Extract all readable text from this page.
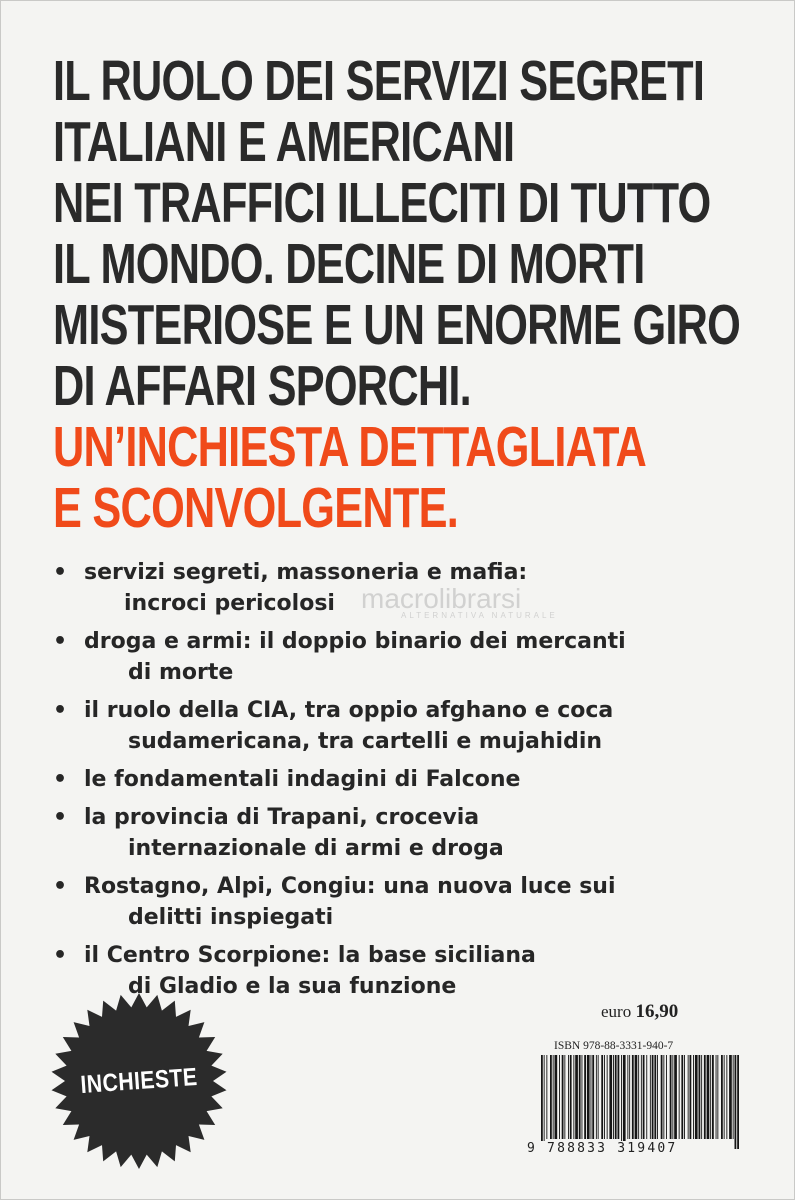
IL RUOLO DEI SERVIZI SEGRETI
ITALIANI E AMERICANI
NEI TRAFFICI ILLECITI DI TUTTO
IL MONDO. DECINE DI MORTI
MISTERIOSE E UN ENORME GIRO
DI AFFARI SPORCHI.
UN’INCHIESTA DETTAGLIATA
E SCONVOLGENTE.
macrolibrarsi
ALTERNATIVA NATURALE
• servizi segreti, massoneria e mafia:
incroci pericolosi
• droga e armi: il doppio binario dei mercanti
di morte
• il ruolo della CIA, tra oppio afghano e coca
sudamericana, tra cartelli e mujahidin
• le fondamentali indagini di Falcone
• la provincia di Trapani, crocevia
internazionale di armi e droga
• Rostagno, Alpi, Congiu: una nuova luce sui
delitti inspiegati
• il Centro Scorpione: la base siciliana
di Gladio e la sua funzione
INCHIESTE
euro 16,90
ISBN 978-88-3331-940-7
9 788833 319407
